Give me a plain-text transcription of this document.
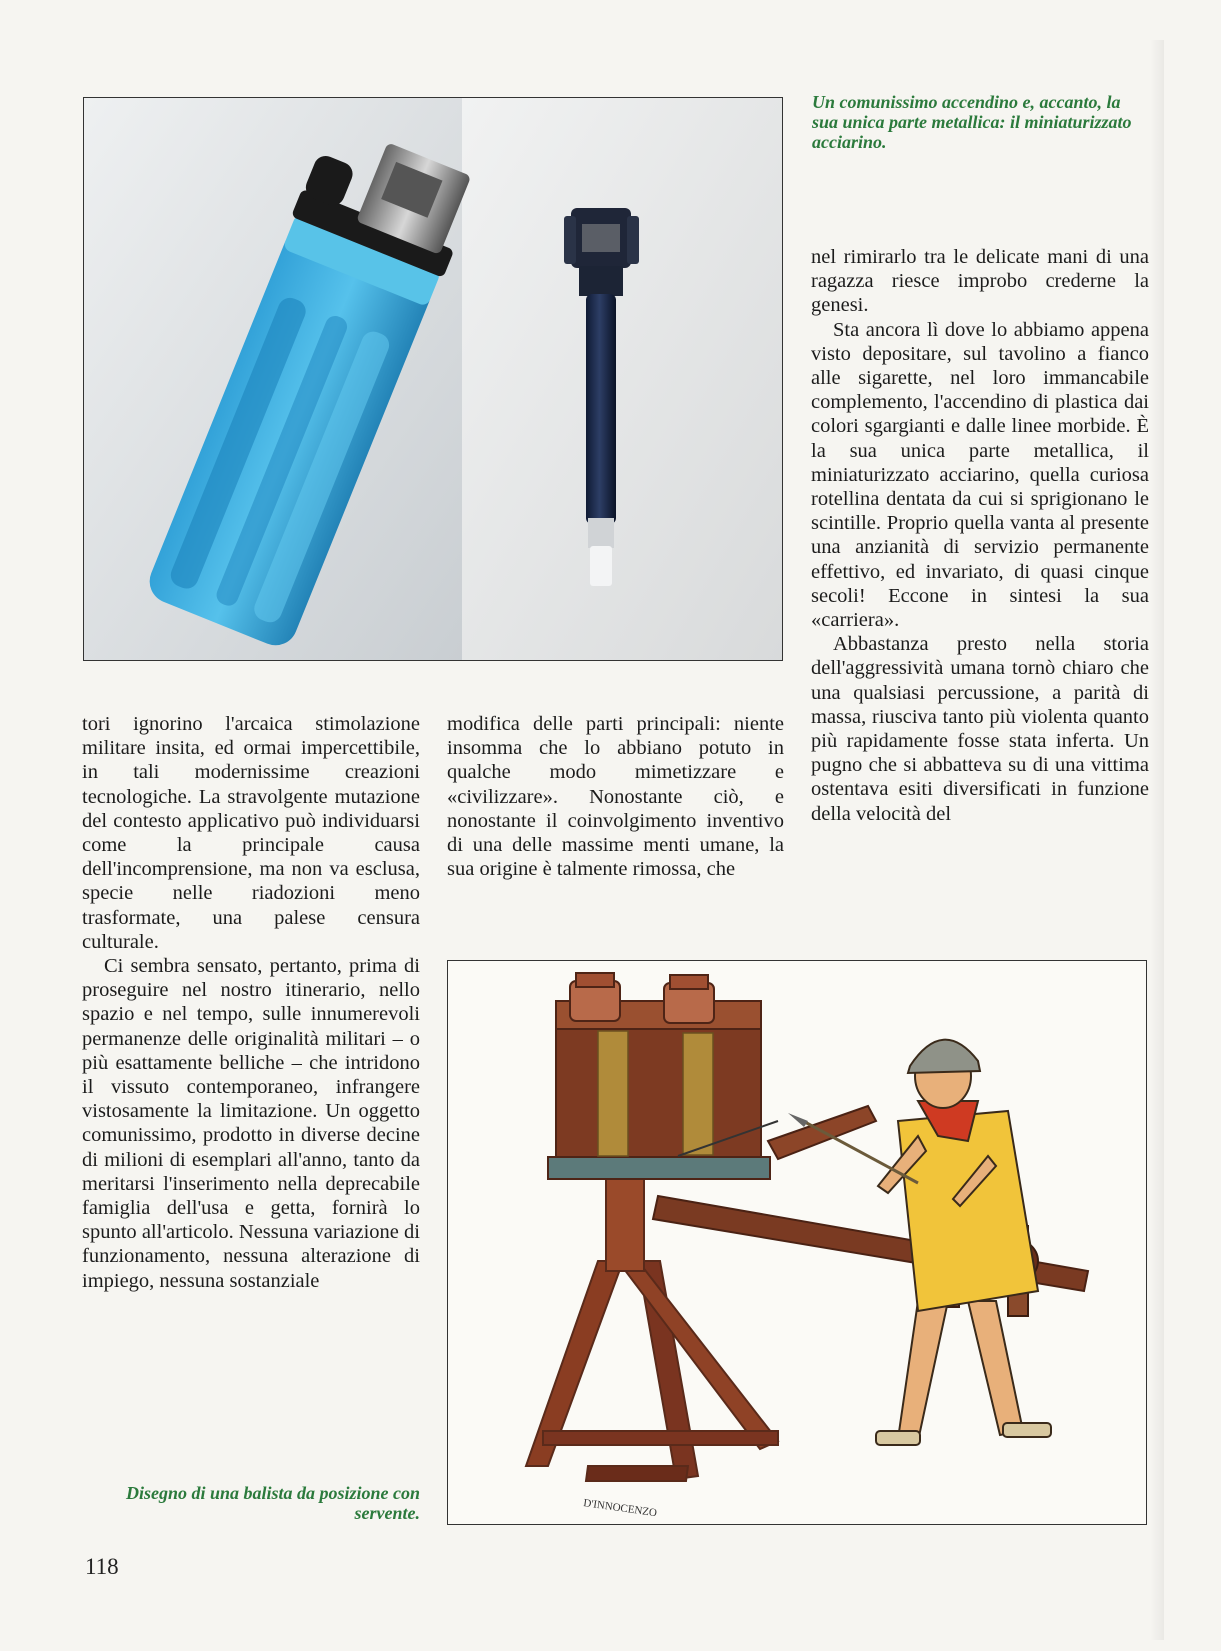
Un comunissimo accendino e, accanto, la sua unica parte metallica: il miniaturizzato acciarino.

tori ignorino l'arcaica stimolazione militare insita, ed ormai impercettibile, in tali modernissime creazioni tecnologiche. La stravolgente mutazione del contesto applicativo può individuarsi come la principale causa dell'incomprensione, ma non va esclusa, specie nelle riadozioni meno trasformate, una palese censura culturale.

Ci sembra sensato, pertanto, prima di proseguire nel nostro itinerario, nello spazio e nel tempo, sulle innumerevoli permanenze delle originalità militari – o più esattamente belliche – che intridono il vissuto contemporaneo, infrangere vistosamente la limitazione. Un oggetto comunissimo, prodotto in diverse decine di milioni di esemplari all'anno, tanto da meritarsi l'inserimento nella deprecabile famiglia dell'usa e getta, fornirà lo spunto all'articolo. Nessuna variazione di funzionamento, nessuna alterazione di impiego, nessuna sostanziale

modifica delle parti principali: niente insomma che lo abbiano potuto in qualche modo mimetizzare e «civilizzare». Nonostante ciò, e nonostante il coinvolgimento inventivo di una delle massime menti umane, la sua origine è talmente rimossa, che

nel rimirarlo tra le delicate mani di una ragazza riesce improbo crederne la genesi.

Sta ancora lì dove lo abbiamo appena visto depositare, sul tavolino a fianco alle sigarette, nel loro immancabile complemento, l'accendino di plastica dai colori sgargianti e dalle linee morbide. È la sua unica parte metallica, il miniaturizzato acciarino, quella curiosa rotellina dentata da cui si sprigionano le scintille. Proprio quella vanta al presente una anzianità di servizio permanente effettivo, ed invariato, di quasi cinque secoli! Eccone in sintesi la sua «carriera».

Abbastanza presto nella storia dell'aggressività umana tornò chiaro che una qualsiasi percussione, a parità di massa, riusciva tanto più violenta quanto più rapidamente fosse stata inferta. Un pugno che si abbatteva su di una vittima ostentava esiti diversificati in funzione della velocità del

D'INNOCENZO

Disegno di una balista da posizione con servente.

118
